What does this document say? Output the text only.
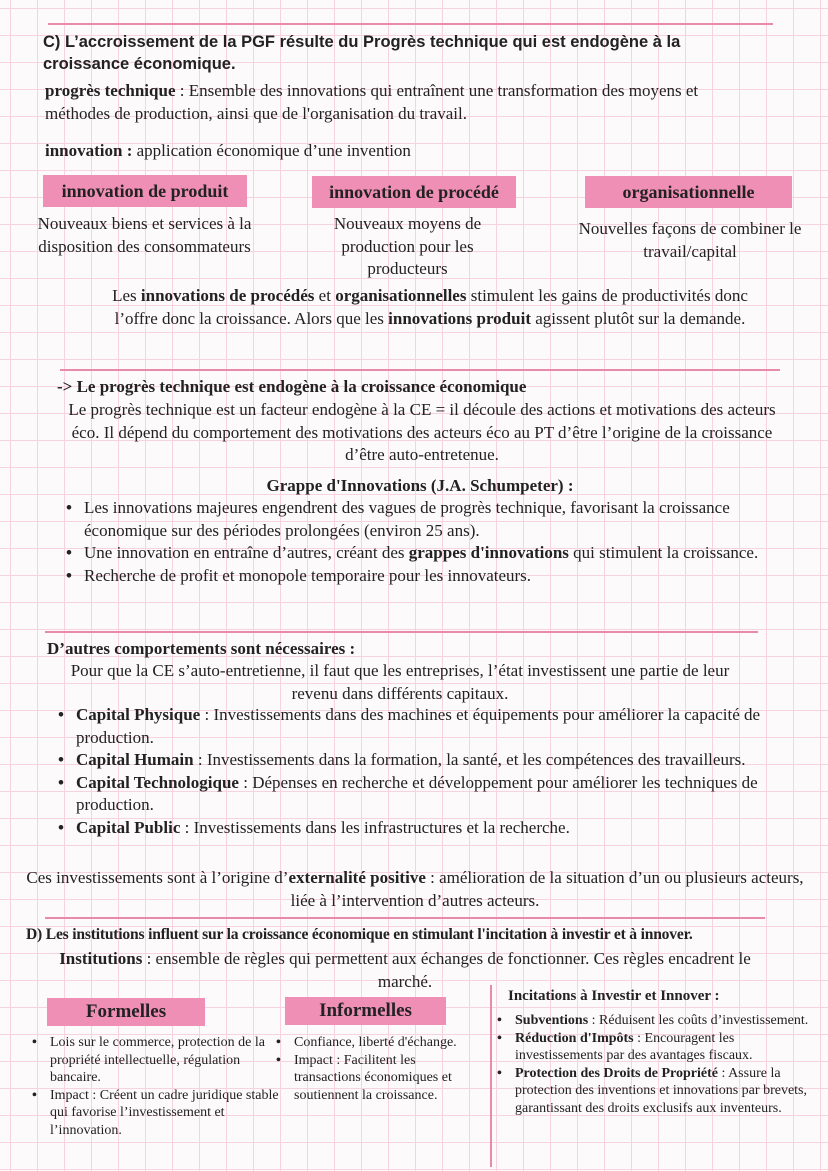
C) L’accroissement de la PGF résulte du Progrès technique qui est endogène à la croissance économique.
progrès technique : Ensemble des innovations qui entraînent une transformation des moyens et méthodes de production, ainsi que de l'organisation du travail.
innovation : application économique d’une invention
innovation de produit	innovation de procédé	organisationnelle
Nouveaux biens et services à la disposition des consommateurs
Nouveaux moyens de production pour les producteurs
Nouvelles façons de combiner le travail/capital
Les innovations de procédés et organisationnelles stimulent les gains de productivités donc l’offre donc la croissance. Alors que les innovations produit agissent plutôt sur la demande.
-> Le progrès technique est endogène à la croissance économique
Le progrès technique est un facteur endogène à la CE = il découle des actions et motivations des acteurs éco. Il dépend du comportement des motivations des acteurs éco au PT d’être l’origine de la croissance d’être auto-entretenue.
Grappe d'Innovations (J.A. Schumpeter) :
• Les innovations majeures engendrent des vagues de progrès technique, favorisant la croissance économique sur des périodes prolongées (environ 25 ans).
• Une innovation en entraîne d’autres, créant des grappes d'innovations qui stimulent la croissance.
• Recherche de profit et monopole temporaire pour les innovateurs.
D’autres comportements sont nécessaires :
Pour que la CE s’auto-entretienne, il faut que les entreprises, l’état investissent une partie de leur revenu dans différents capitaux.
• Capital Physique : Investissements dans des machines et équipements pour améliorer la capacité de production.
• Capital Humain : Investissements dans la formation, la santé, et les compétences des travailleurs.
• Capital Technologique : Dépenses en recherche et développement pour améliorer les techniques de production.
• Capital Public : Investissements dans les infrastructures et la recherche.
Ces investissements sont à l’origine d’externalité positive : amélioration de la situation d’un ou plusieurs acteurs, liée à l’intervention d’autres acteurs.
D) Les institutions influent sur la croissance économique en stimulant l'incitation à investir et à innover.
Institutions : ensemble de règles qui permettent aux échanges de fonctionner. Ces règles encadrent le marché.
Formelles	Informelles
• Lois sur le commerce, protection de la propriété intellectuelle, régulation bancaire.
• Impact : Créent un cadre juridique stable qui favorise l’investissement et l’innovation.
• Confiance, liberté d'échange.
• Impact : Facilitent les transactions économiques et soutiennent la croissance.
Incitations à Investir et Innover :
• Subventions : Réduisent les coûts d’investissement.
• Réduction d'Impôts : Encouragent les investissements par des avantages fiscaux.
• Protection des Droits de Propriété : Assure la protection des inventions et innovations par brevets, garantissant des droits exclusifs aux inventeurs.
